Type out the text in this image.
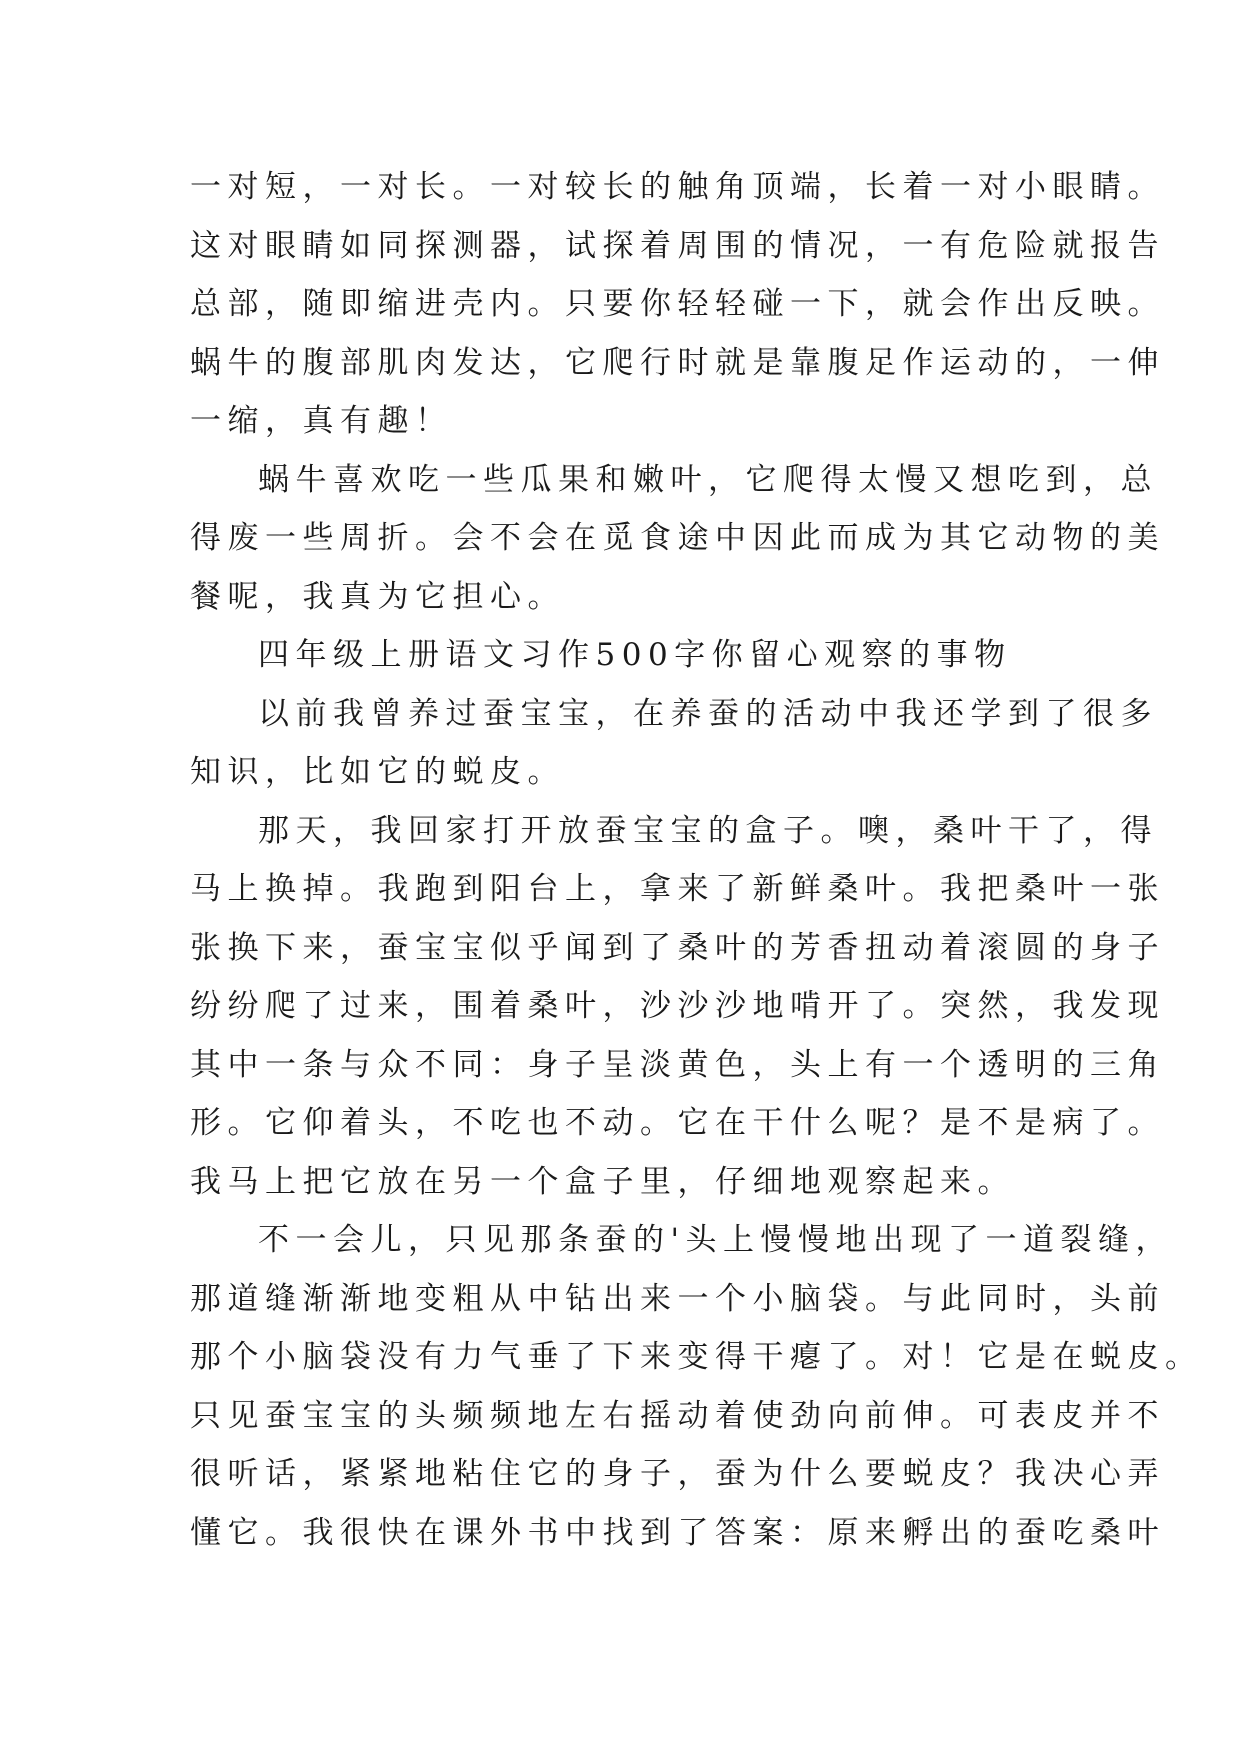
一对短，一对长。一对较长的触角顶端，长着一对小眼睛。
这对眼睛如同探测器，试探着周围的情况，一有危险就报告
总部，随即缩进壳内。只要你轻轻碰一下，就会作出反映。
蜗牛的腹部肌肉发达，它爬行时就是靠腹足作运动的，一伸
一缩，真有趣！
蜗牛喜欢吃一些瓜果和嫩叶，它爬得太慢又想吃到，总
得废一些周折。会不会在觅食途中因此而成为其它动物的美
餐呢，我真为它担心。
四年级上册语文习作500字你留心观察的事物
以前我曾养过蚕宝宝，在养蚕的活动中我还学到了很多
知识，比如它的蜕皮。
那天，我回家打开放蚕宝宝的盒子。噢，桑叶干了，得
马上换掉。我跑到阳台上，拿来了新鲜桑叶。我把桑叶一张
张换下来，蚕宝宝似乎闻到了桑叶的芳香扭动着滚圆的身子
纷纷爬了过来，围着桑叶，沙沙沙地啃开了。突然，我发现
其中一条与众不同：身子呈淡黄色，头上有一个透明的三角
形。它仰着头，不吃也不动。它在干什么呢？是不是病了。
我马上把它放在另一个盒子里，仔细地观察起来。
不一会儿，只见那条蚕的'头上慢慢地出现了一道裂缝，
那道缝渐渐地变粗从中钻出来一个小脑袋。与此同时，头前
那个小脑袋没有力气垂了下来变得干瘪了。对！它是在蜕皮。
只见蚕宝宝的头频频地左右摇动着使劲向前伸。可表皮并不
很听话，紧紧地粘住它的身子，蚕为什么要蜕皮？我决心弄
懂它。我很快在课外书中找到了答案：原来孵出的蚕吃桑叶
